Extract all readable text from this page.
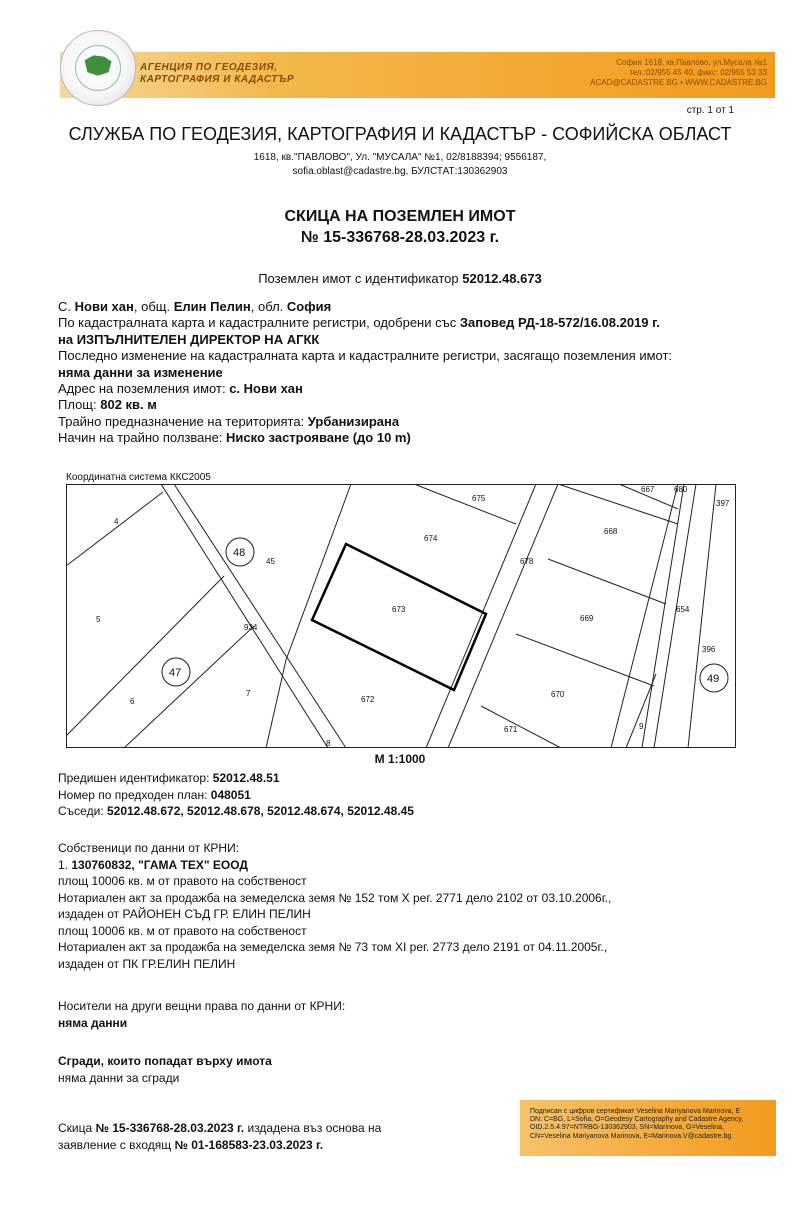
АГЕНЦИЯ ПО ГЕОДЕЗИЯ,
КАРТОГРАФИЯ И КАДАСТЪР
София 1618, кв.Павлово, ул.Мусала №1
тел.:02/955 45 40, факс: 02/955 53 33
ACAD@CADASTRE.BG • WWW.CADASTRE.BG
стр. 1 от 1
СЛУЖБА ПО ГЕОДЕЗИЯ, КАРТОГРАФИЯ И КАДАСТЪР - СОФИЙСКА ОБЛАСТ
1618, кв."ПАВЛОВО", Ул. "МУСАЛА" №1, 02/8188394; 9556187,
sofia.oblast@cadastre.bg, БУЛСТАТ:130362903
СКИЦА НА ПОЗЕМЛЕН ИМОТ
№ 15-336768-28.03.2023 г.
Поземлен имот с идентификатор 52012.48.673
С. Нови хан, общ. Елин Пелин, обл. София
По кадастралната карта и кадастралните регистри, одобрени със Заповед РД-18-572/16.08.2019 г.
на ИЗПЪЛНИТЕЛЕН ДИРЕКТОР НА АГКК
Последно изменение на кадастралната карта и кадастралните регистри, засягащо поземления имот:
няма данни за изменение
Адрес на поземления имот: с. Нови хан
Площ: 802 кв. м
Трайно предназначение на територията: Урбанизирана
Начин на трайно ползване: Ниско застрояване (до 10 m)
Координатна система ККС2005
4
48
45
5
47
6
934
7
8
674
675
673
672
678
668
669
670
671
667 680
397
654
396
49
9
М 1:1000
Предишен идентификатор: 52012.48.51
Номер по предходен план: 048051
Съседи: 52012.48.672, 52012.48.678, 52012.48.674, 52012.48.45
Собственици по данни от КРНИ:
1. 130760832, "ГАМА ТЕХ" ЕООД
площ 10006 кв. м от правото на собственост
Нотариален акт за продажба на земеделска земя № 152 том Х рег. 2771 дело 2102 от 03.10.2006г.,
издаден от РАЙОНЕН СЪД ГР. ЕЛИН ПЕЛИН
площ 10006 кв. м от правото на собственост
Нотариален акт за продажба на земеделска земя № 73 том XI рег. 2773 дело 2191 от 04.11.2005г.,
издаден от ПК ГР.ЕЛИН ПЕЛИН
Носители на други вещни права по данни от КРНИ:
няма данни
Сгради, които попадат върху имота
няма данни за сгради
Скица № 15-336768-28.03.2023 г. издадена въз основа на
заявление с входящ № 01-168583-23.03.2023 г.
Подписан с цифров сертификат Veselina Mariyanova Marinova, E
DN: C=BG, L=Sofia, O=Geodesy Cartography and Cadastre Agency,
OID.2.5.4.97=NTRBG-130362903, SN=Marinova, G=Veselina,
CN=Veselina Mariyanova Marinova, E=Marinova.V@cadastre.bg
